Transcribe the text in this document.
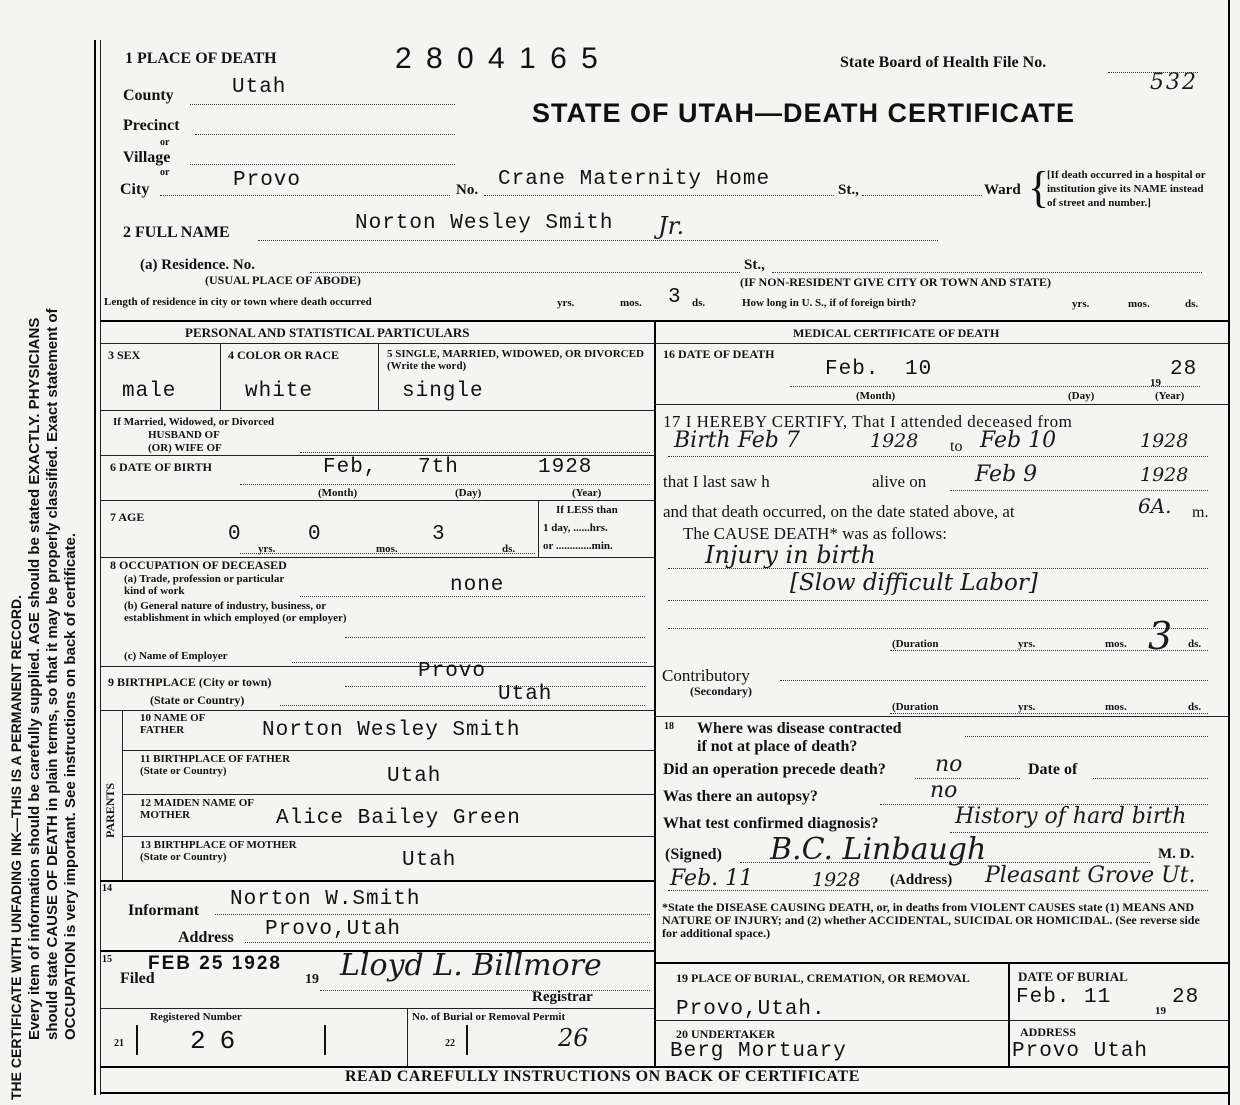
THE CERTIFICATE WITH UNFADING INK—THIS IS A PERMANENT RECORD. Every item of information should be carefully supplied. AGE should be stated EXACTLY. PHYSICIANS should state CAUSE OF DEATH in plain terms, so that it may be properly classified. Exact statement of OCCUPATION is very important. See instructions on back of certificate.
1 PLACE OF DEATH	2 8 0 4 1 6 5	State Board of Health File No.
532
STATE OF UTAH—DEATH CERTIFICATE
County	Utah
Precinct
or
Village
or
City	Provo	No. Crane Maternity Home	St.,	Ward {
[If death occurred in a hospital or institution give its NAME instead of street and number.]
2 FULL NAME	Norton Wesley Smith Jr.
(a) Residence. No.	St.,
(USUAL PLACE OF ABODE)	(IF NON-RESIDENT GIVE CITY OR TOWN AND STATE)
Length of residence in city or town where death occurred	yrs.	mos. 3 ds.	How long in U. S., if of foreign birth?	yrs.	mos.	ds.
PERSONAL AND STATISTICAL PARTICULARS	MEDICAL CERTIFICATE OF DEATH
3 SEX
male
4 COLOR OR RACE
white
5 SINGLE, MARRIED, WIDOWED, OR DIVORCED (Write the word)
single
If Married, Widowed, or Divorced
HUSBAND OF
(OR) WIFE OF
6 DATE OF BIRTH	Feb, 7th	1928
(Month)	(Day)	(Year)
7 AGE
0
yrs.
0
mos.
3
ds.
If LESS than
1 day, ......hrs.
or .............min.
8 OCCUPATION OF DECEASED
(a) Trade, profession or particular kind of work	none
(b) General nature of industry, business, or establishment in which employed (or employer)
(c) Name of Employer
9 BIRTHPLACE (City or town)	Provo
(State or Country)	Utah
PARENTS
10 NAME OF FATHER	Norton Wesley Smith
11 BIRTHPLACE OF FATHER (State or Country)	Utah
12 MAIDEN NAME OF MOTHER	Alice Bailey Green
13 BIRTHPLACE OF MOTHER (State or Country)	Utah
14
Informant Norton W.Smith
Address Provo,Utah
15
Filed
FEB 25 1928
19 Lloyd L. Billmore
Registrar
Registered Number
21	26
No. of Burial or Removal Permit
22	26
16 DATE OF DEATH
Feb. 10
19
28
(Month)	(Day)	(Year)
17 I HEREBY CERTIFY, That I attended deceased from
Birth Feb 7	1928 to Feb 10	1928
that I last saw h	alive on Feb 9	1928
and that death occurred, on the date stated above, at	6A. m.
The CAUSE DEATH* was as follows:
Injury in birth
[Slow difficult Labor]
(Duration	yrs.	mos. 3 ds.
Contributory
(Secondary)
(Duration	yrs.	mos.	ds.
18 Where was disease contracted
if not at place of death?
Did an operation precede death? no	Date of
Was there an autopsy?	no
What test confirmed diagnosis?	History of hard birth
(Signed) B.C. Linbaugh	M. D.
Feb. 11	1928 (Address) Pleasant Grove Ut.
*State the DISEASE CAUSING DEATH, or, in deaths from VIOLENT CAUSES state (1) MEANS AND NATURE OF INJURY; and (2) whether ACCIDENTAL, SUICIDAL OR HOMICIDAL. (See reverse side for additional space.)
19 PLACE OF BURIAL, CREMATION, OR REMOVAL
Provo,Utah.
DATE OF BURIAL
Feb. 11
19
28
20 UNDERTAKER
Berg Mortuary
ADDRESS
Provo Utah
READ CAREFULLY INSTRUCTIONS ON BACK OF CERTIFICATE
